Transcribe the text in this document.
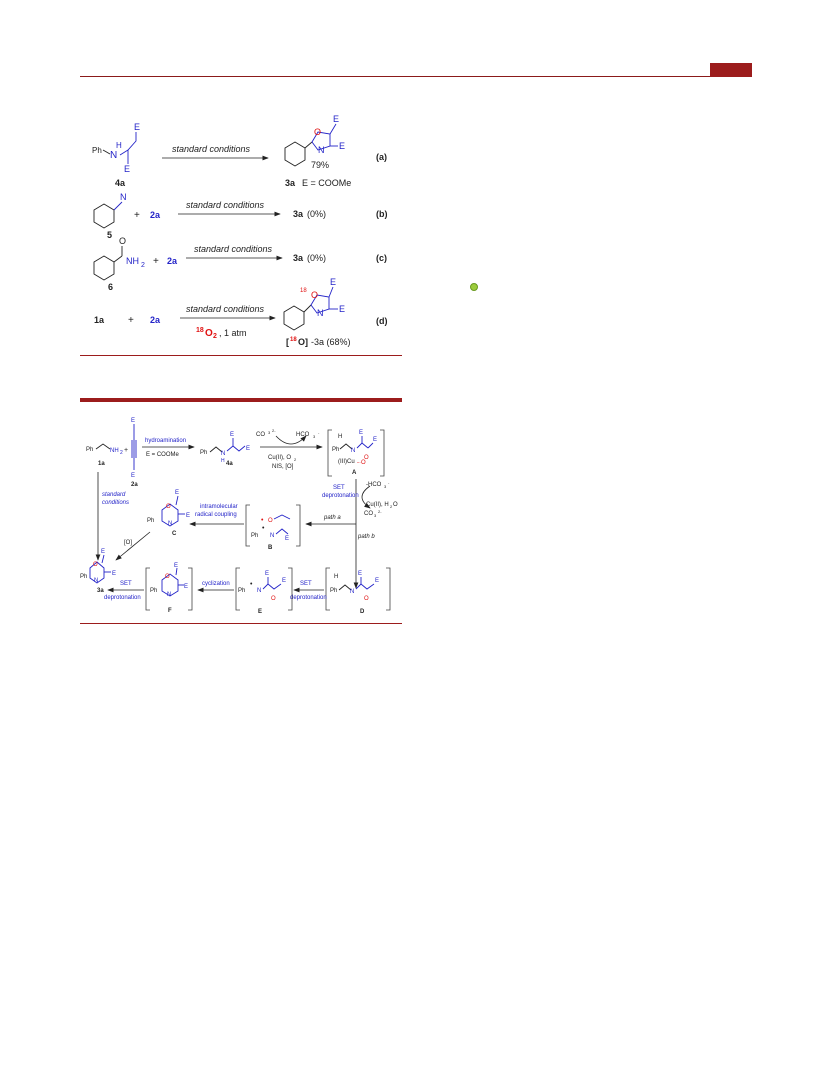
Ph N
H
E
E
4a
standard conditions
O
N
E
E
79%
3a E = COOMe
(a)
N
5
+ 2a
standard conditions
3a (0%)	(b)
O
NH 2
6
+ 2a
standard conditions
3a (0%)	(c)
1a + 2a
standard conditions
18 O 2 , 1 atm
18 O
N
E
E
[ 18 O] -3a (68%)
(d)
Ph	NH 2
1a
+
E
E
2a
hydroamination
E = COOMe	Ph N
H
E
E
4a
CO 3 2-
HCO 3
-
Cu(II), O 2
NIS, [O]
H
Ph N
E
E
(III)Cu -·O
O
A
SET
deprotonation
-HCO 3
-
Cu(II), H 2 O
CO 3
2-
path a
path b
• O
Ph
•
N E
B
intramolecular
radical coupling
O
N
E
E
Ph
C
standard
conditions
[O]
O
N
E
E
Ph
3a
H
Ph N
E
E
O
D
SET
deprotonation
Ph
•
N
E
E
O
E
cyclization
O
N
E
E
Ph
F
SET
deprotonation
